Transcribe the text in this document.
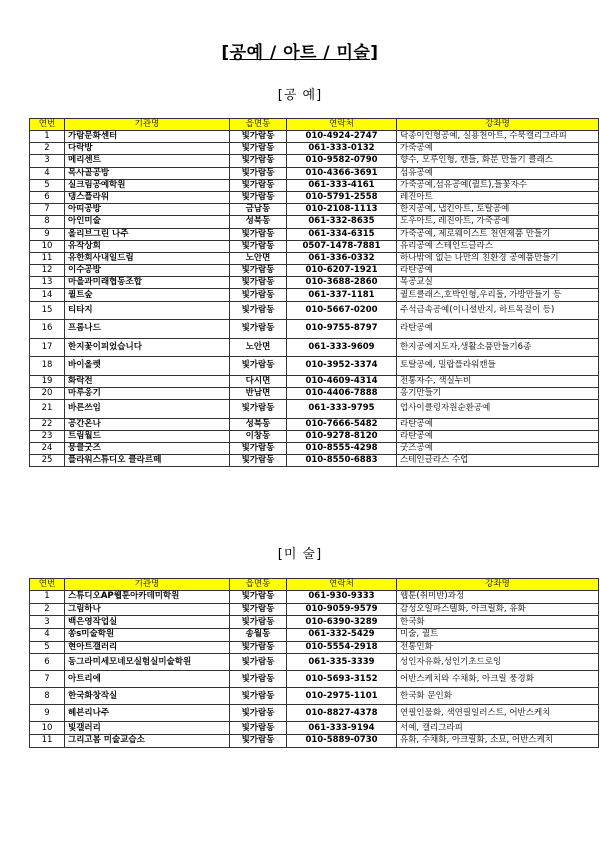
[공예 / 아트 / 미술]
[공 예]
연번	기관명	읍면동	연락처	강좌명
1	가람문화센터	빛가람동	010-4924-2747	닥종이인형공예, 실용천아트, 수묵캘리그라피
2	다락방	빛가람동	061-333-0132	가죽공예
3	메리센트	빛가람동	010-9582-0790	향수, 모루인형, 캔들, 화분 만들기 클래스
4	목사골공방	빛가람동	010-4366-3691	섬유공예
5	실크림공예학원	빛가람동	061-333-4161	가죽공예,섬유공예(퀼트),들꽃자수
6	댕스플라워	빛가람동	010-5791-2558	레진아트
7	아띠공방	금남동	010-2108-1113	한지공예, 냅킨아트, 토탈공예
8	아인미술	성북동	061-332-8635	도우아트, 레진아트, 가죽공예
9	올리브그린 나주	빛가람동	061-334-6315	가죽공예, 제로웨이스트 천연제품 만들기
10	유작상회	빛가람동	0507-1478-7881	유리공예 스테인드글라스
11	유한회사내일드림	노안면	061-336-0332	하나밖에 없는 나만의 친환경 공예품만들기
12	이수공방	빛가람동	010-6207-1921	라탄공예
13	마을과미래협동조합	빛가람동	010-3688-2860	목공교실
14	퀼트숲	빛가람동	061-337-1181	퀼트클래스,호박인형,우리돌, 가방만들기 등
15	티타지	빛가람동	010-5667-0200	주석금속공예(이니셜반지, 하트목걸이 등)
16	프롬나드	빛가람동	010-9755-8797	라탄공예
17	한지꽃이피었습니다	노안면	061-333-9609	한지공예지도자,생활소품만들기6종
18	바이올렛	빛가람동	010-3952-3374	토탈공예, 밀랍플라워캔들
19	화락전	다시면	010-4609-4314	전통자수, 색실누비
20	마루옹기	반남면	010-4406-7888	옹기만들기
21	바른쓰임	빛가람동	061-333-9795	업사이클링자원순환공예
22	공간온나	성북동	010-7666-5482	라탄공예
23	트림월드	이창동	010-9278-8120	라탄공예
24	뭉클굿즈	빛가람동	010-8555-4298	굿즈공예
25	플라워스튜디오 클라르떼	빛가람동	010-8550-6883	스테인글라스 수업
[미 술]
연번	기관명	읍면동	연락처	강좌명
1	스튜디오AP웹툰아카데미학원	빛가람동	061-930-9333	웹툰(취미반)과정
2	그림하나	빛가람동	010-9059-9579	감성오일파스텔화, 아크릴화, 유화
3	백은영작업실	빛가람동	010-6390-3289	한국화
4	쏭s미술학원	송월동	061-332-5429	미술, 퀼트
5	현아트갤러리	빛가람동	010-5554-2918	전통민화
6	동그라미세모네모실험실미술학원	빛가람동	061-335-3339	성인자유화,성인기초드로잉
7	아트리에	빛가람동	010-5693-3152	어반스케치와 수채화, 아크릴 풍경화
8	한국화창작실	빛가람동	010-2975-1101	한국화 문인화
9	헤븐리나주	빛가람동	010-8827-4378	연필인물화, 색연필일러스트, 어반스케치
10	빛갤러리	빛가람동	061-333-9194	서예, 캘리그라피
11	그리고봄 미술교습소	빛가람동	010-5889-0730	유화, 수채화, 아크릴화, 소묘, 어반스케치
